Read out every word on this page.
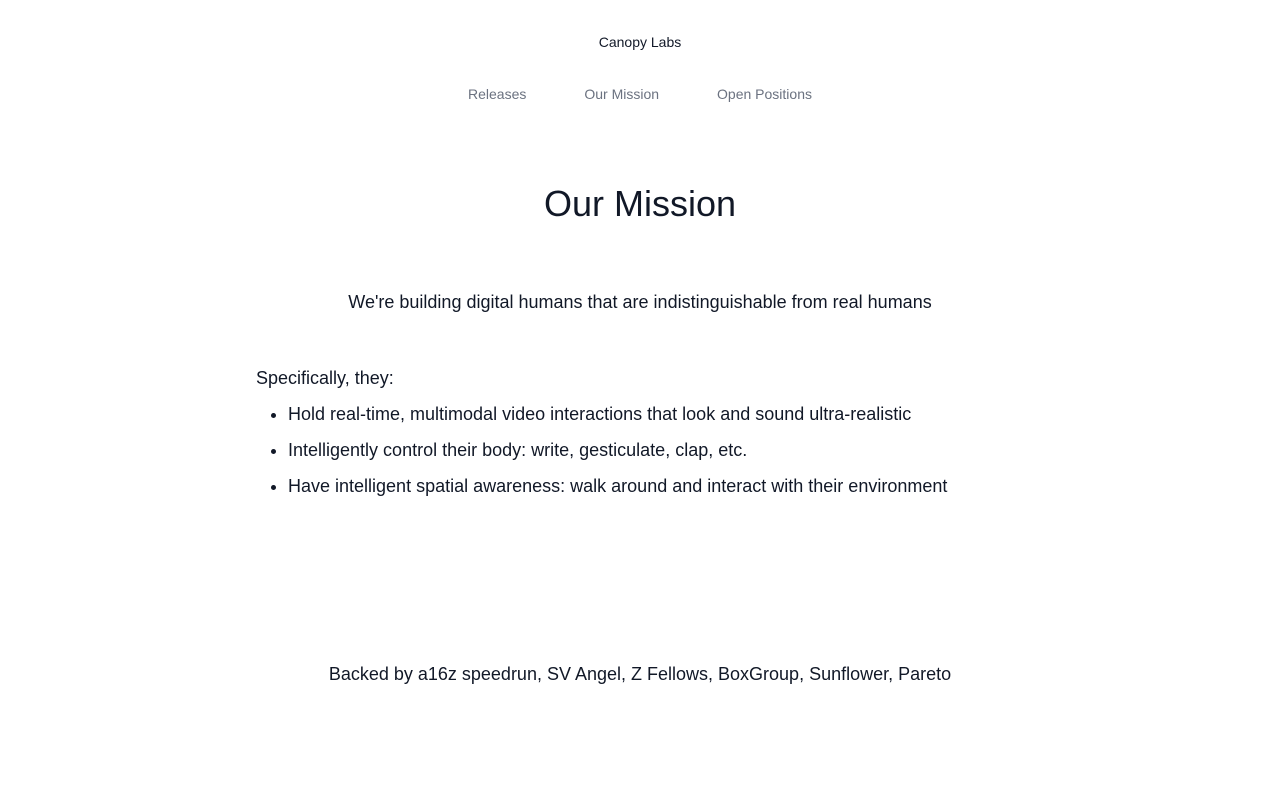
Canopy Labs
Releases	Our Mission	Open Positions
Our Mission

We're building digital humans that are indistinguishable from real humans

Specifically, they:

• Hold real-time, multimodal video interactions that look and sound ultra-realistic
• Intelligently control their body: write, gesticulate, clap, etc.
• Have intelligent spatial awareness: walk around and interact with their environment

Backed by a16z speedrun, SV Angel, Z Fellows, BoxGroup, Sunflower, Pareto
